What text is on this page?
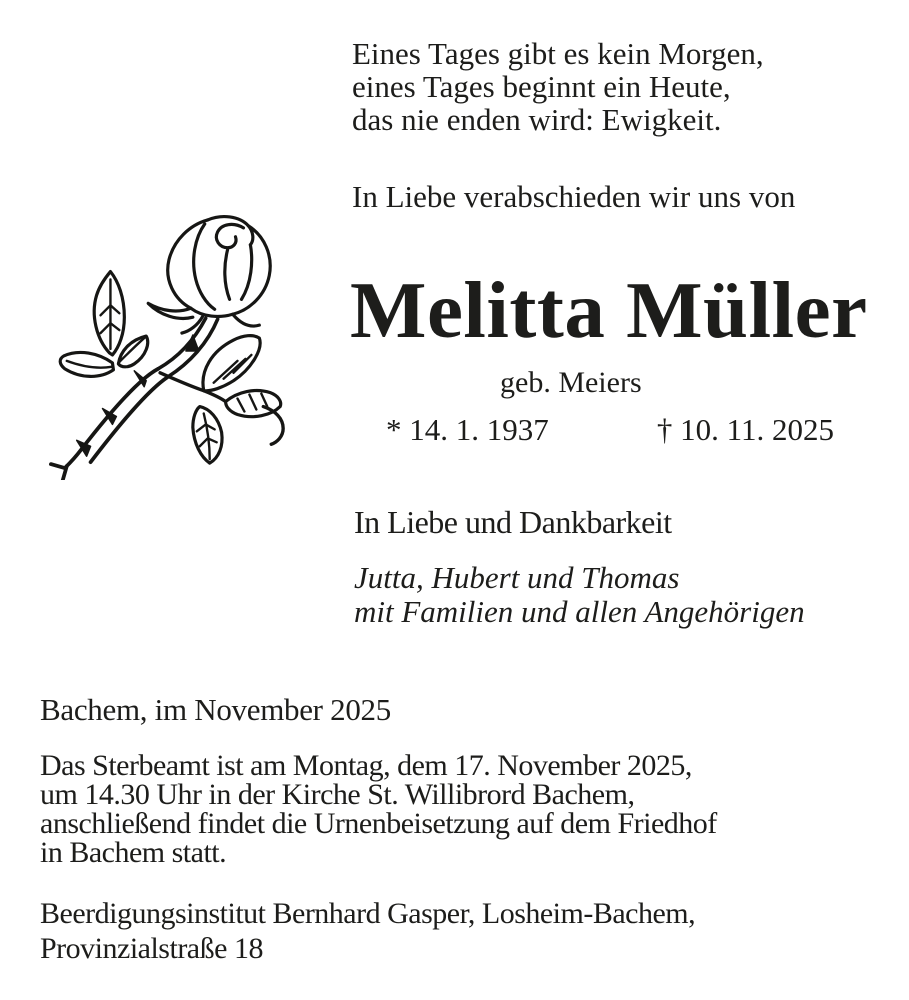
Eines Tages gibt es kein Morgen,
eines Tages beginnt ein Heute,
das nie enden wird: Ewigkeit.
In Liebe verabschieden wir uns von
Melitta Müller
geb. Meiers
* 14. 1. 1937	† 10. 11. 2025
In Liebe und Dankbarkeit
Jutta, Hubert und Thomas
mit Familien und allen Angehörigen
Bachem, im November 2025
Das Sterbeamt ist am Montag, dem 17. November 2025,
um 14.30 Uhr in der Kirche St. Willibrord Bachem,
anschließend findet die Urnenbeisetzung auf dem Friedhof
in Bachem statt.
Beerdigungsinstitut Bernhard Gasper, Losheim-Bachem,
Provinzialstraße 18
